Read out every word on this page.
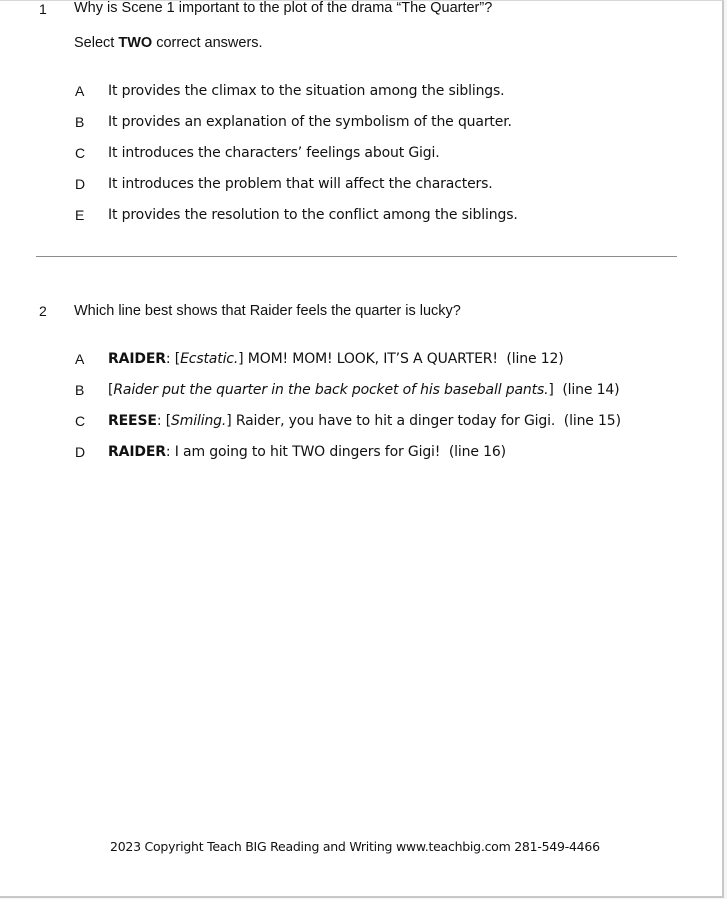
1 Why is Scene 1 important to the plot of the drama “The Quarter”?
Select TWO correct answers.
A It provides the climax to the situation among the siblings.
B It provides an explanation of the symbolism of the quarter.
C It introduces the characters’ feelings about Gigi.
D It introduces the problem that will affect the characters.
E It provides the resolution to the conflict among the siblings.
2 Which line best shows that Raider feels the quarter is lucky?
A RAIDER: [Ecstatic.] MOM! MOM! LOOK, IT’S A QUARTER!  (line 12)
B [Raider put the quarter in the back pocket of his baseball pants.]  (line 14)
C REESE: [Smiling.] Raider, you have to hit a dinger today for Gigi.  (line 15)
D RAIDER: I am going to hit TWO dingers for Gigi!  (line 16)
2023 Copyright Teach BIG Reading and Writing www.teachbig.com 281-549-4466
